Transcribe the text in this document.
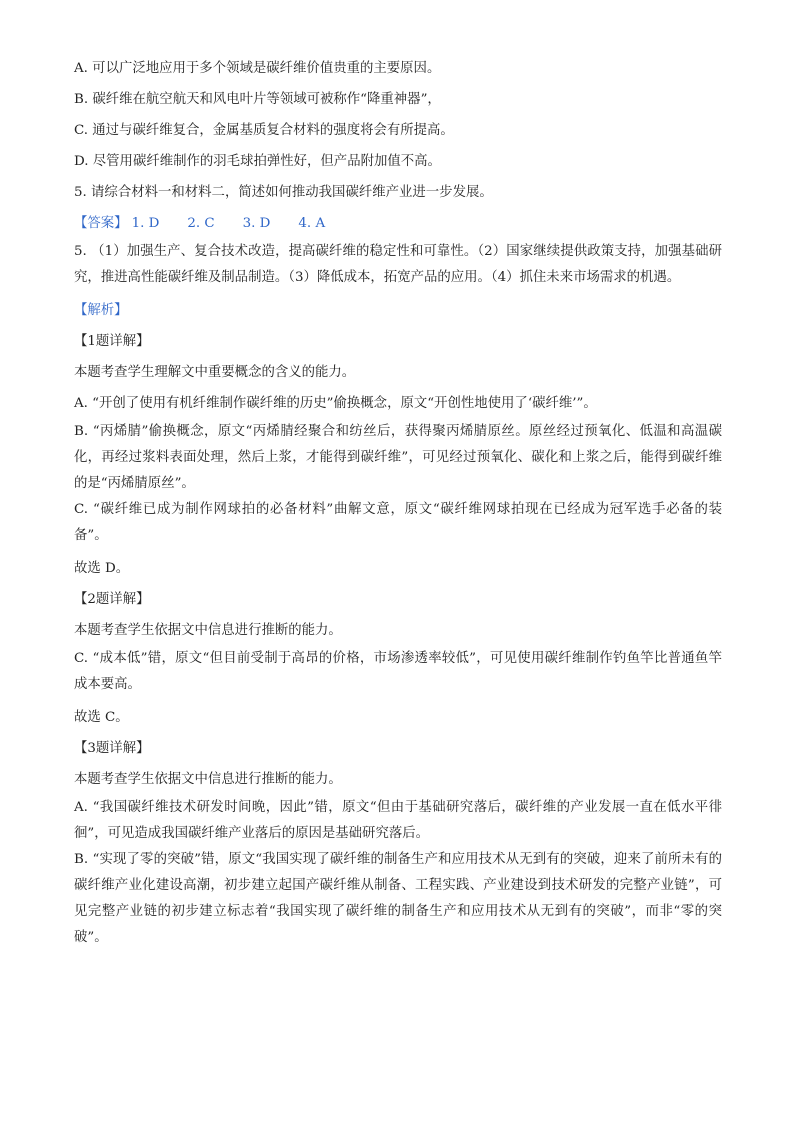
A. 可以广泛地应用于多个领域是碳纤维价值贵重的主要原因。

B. 碳纤维在航空航天和风电叶片等领域可被称作“降重神器”，

C. 通过与碳纤维复合，金属基质复合材料的强度将会有所提高。

D. 尽管用碳纤维制作的羽毛球拍弹性好，但产品附加值不高。

5. 请综合材料一和材料二，简述如何推动我国碳纤维产业进一步发展。

【答案】 1. D 2. C 3. D 4. A

5. （1）加强生产、复合技术改造，提高碳纤维的稳定性和可靠性。（2）国家继续提供政策支持，加强基础研究，推进高性能碳纤维及制品制造。（3）降低成本，拓宽产品的应用。（4）抓住未来市场需求的机遇。

【解析】

【1题详解】

本题考查学生理解文中重要概念的含义的能力。

A. “开创了使用有机纤维制作碳纤维的历史”偷换概念，原文“开创性地使用了‘碳纤维’”。

B. “丙烯腈”偷换概念，原文“丙烯腈经聚合和纺丝后，获得聚丙烯腈原丝。原丝经过预氧化、低温和高温碳化，再经过浆料表面处理，然后上浆，才能得到碳纤维”，可见经过预氧化、碳化和上浆之后，能得到碳纤维的是“丙烯腈原丝”。

C. “碳纤维已成为制作网球拍的必备材料”曲解文意，原文“碳纤维网球拍现在已经成为冠军选手必备的装备”。

故选 D。

【2题详解】

本题考查学生依据文中信息进行推断的能力。

C. “成本低”错，原文“但目前受制于高昂的价格，市场渗透率较低”，可见使用碳纤维制作钓鱼竿比普通鱼竿成本要高。

故选 C。

【3题详解】

本题考查学生依据文中信息进行推断的能力。

A. “我国碳纤维技术研发时间晚，因此”错，原文“但由于基础研究落后，碳纤维的产业发展一直在低水平徘徊”，可见造成我国碳纤维产业落后的原因是基础研究落后。

B. “实现了零的突破”错，原文“我国实现了碳纤维的制备生产和应用技术从无到有的突破，迎来了前所未有的碳纤维产业化建设高潮，初步建立起国产碳纤维从制备、工程实践、产业建设到技术研发的完整产业链”，可见完整产业链的初步建立标志着“我国实现了碳纤维的制备生产和应用技术从无到有的突破”，而非“零的突破”。
